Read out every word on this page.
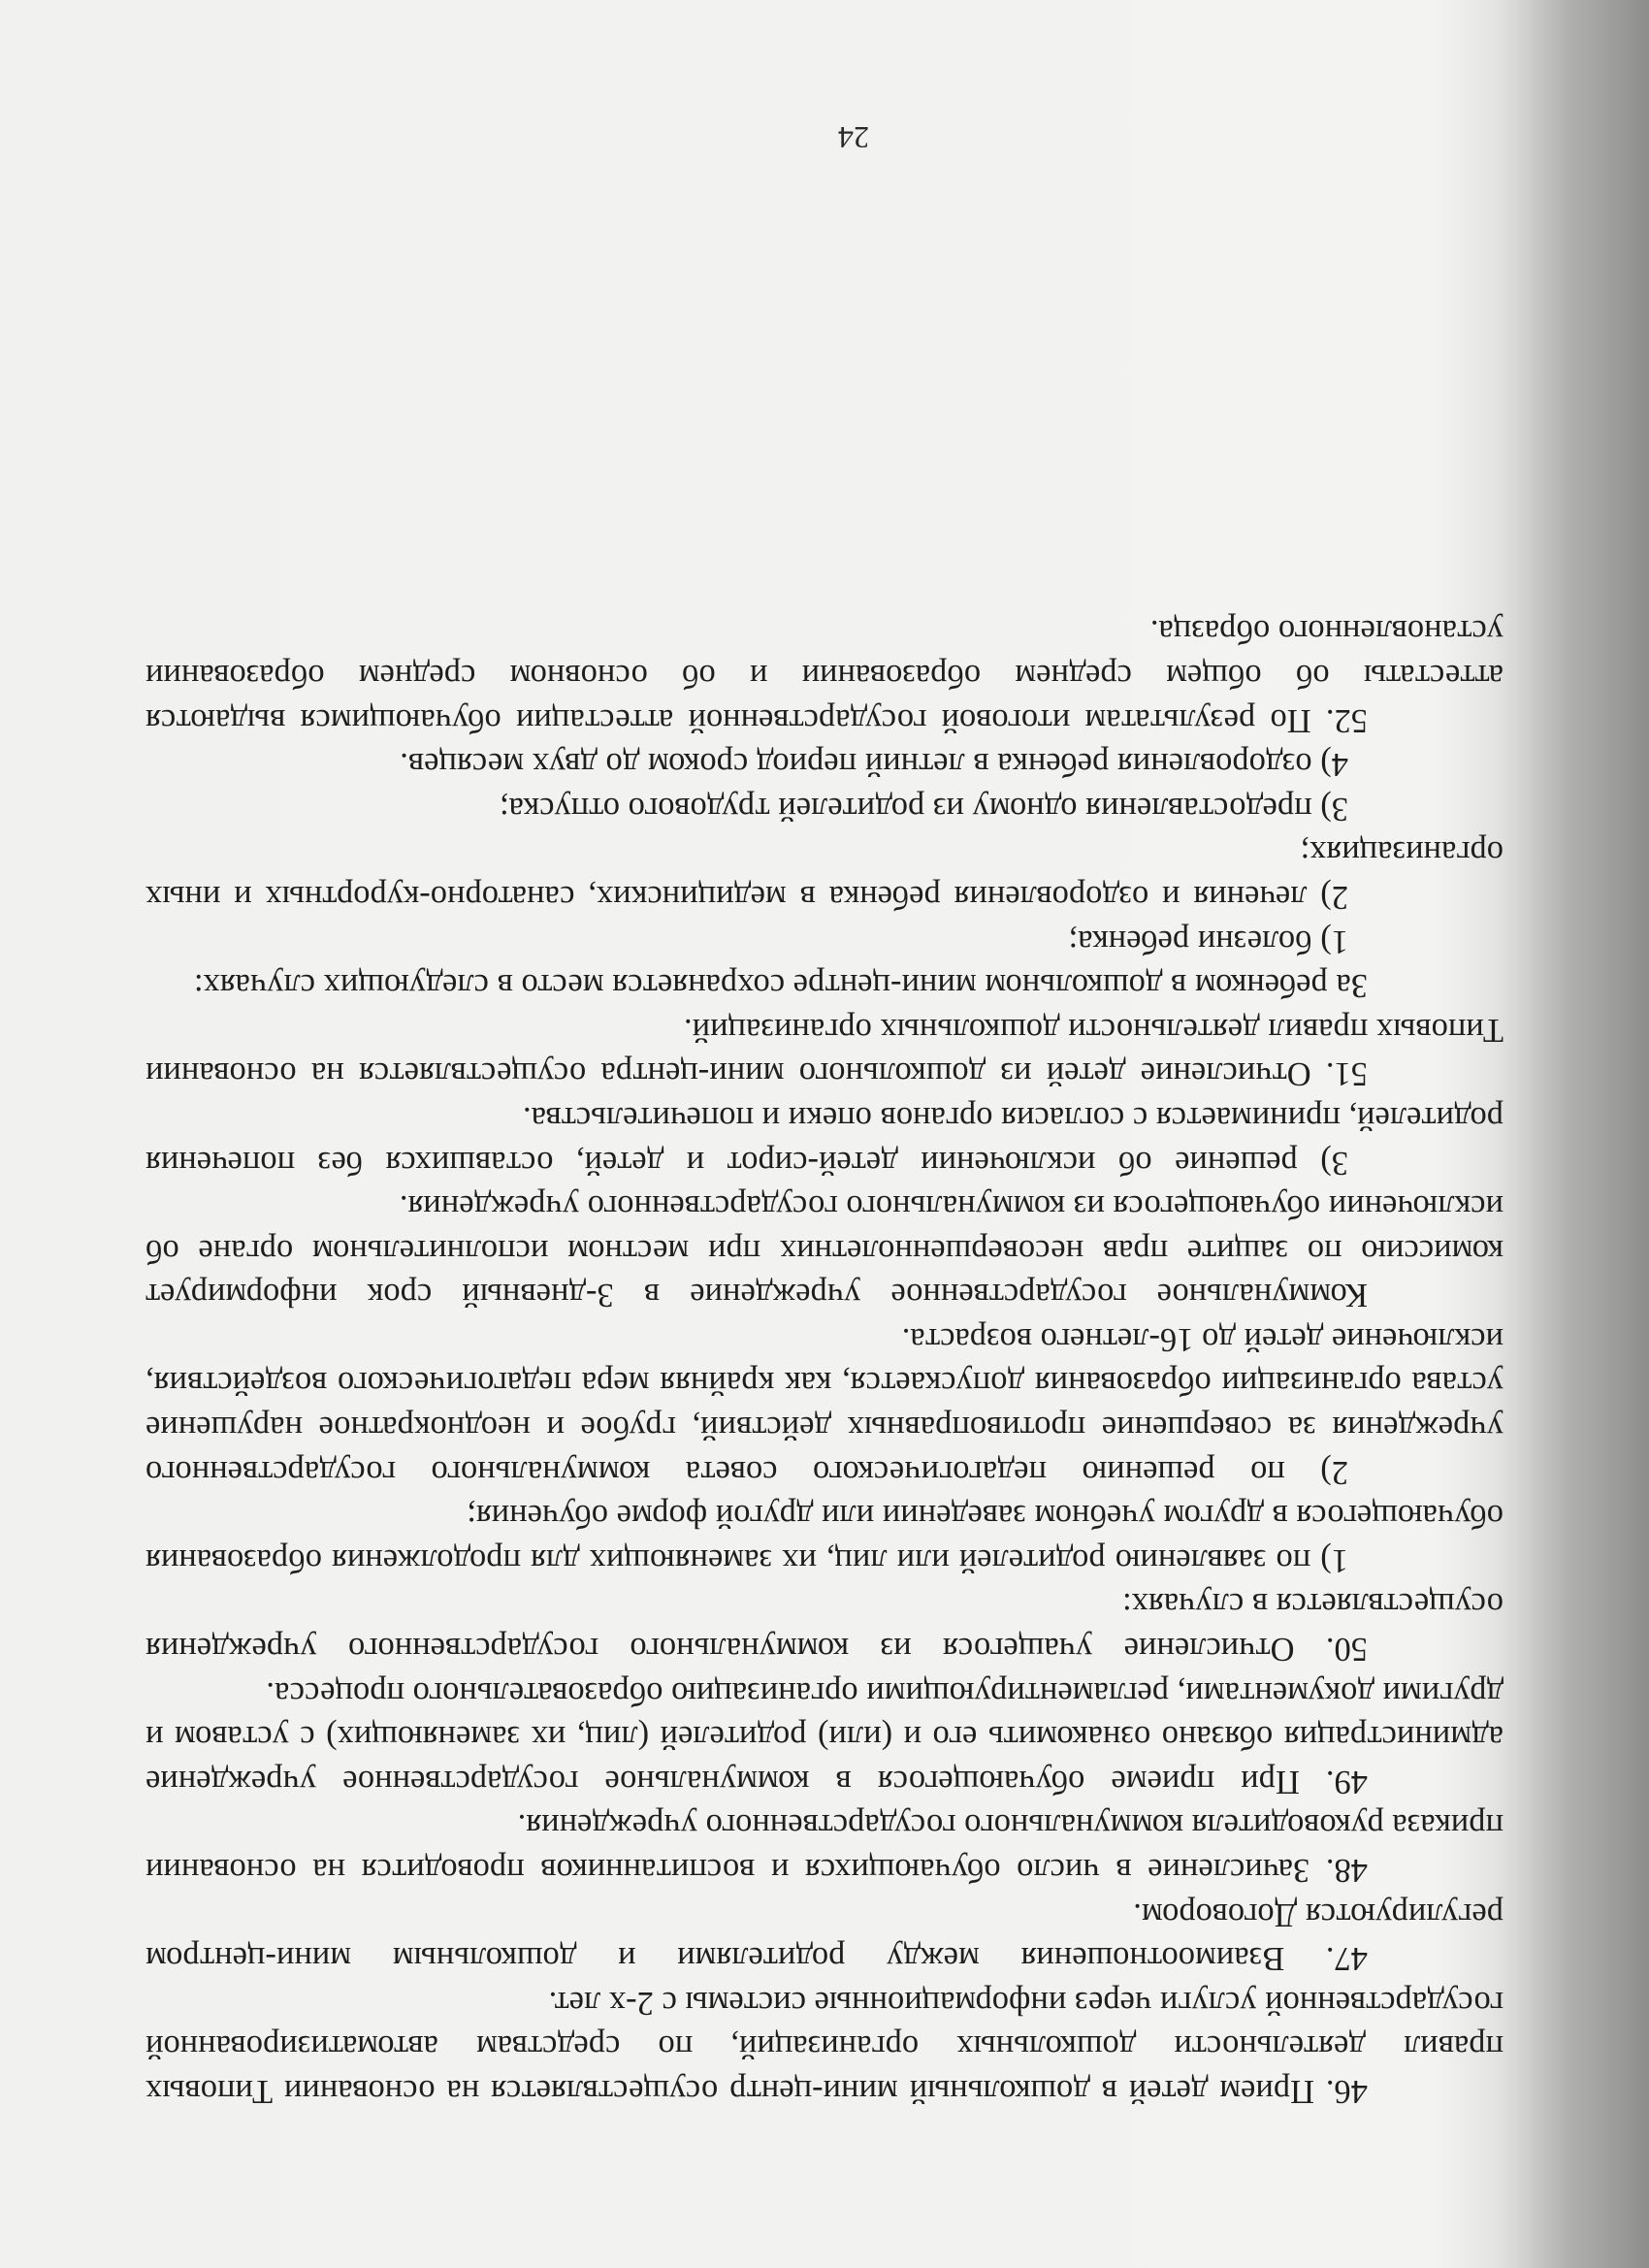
46. Прием детей в дошкольный мини-центр осуществляется на основании Типовых правил деятельности дошкольных организаций, по средствам автоматизированной государственной услуги через информационные системы с 2-х лет.

47. Взаимоотношения между родителями и дошкольным мини-центром регулируются Договором.

48. Зачисление в число обучающихся и воспитанников проводится на основании приказа руководителя коммунального государственного учреждения.

49. При приеме обучающегося в коммунальное государственное учреждение администрация обязано ознакомить его и (или) родителей (лиц, их заменяющих) с уставом и другими документами, регламентирующими организацию образовательного процесса.

50. Отчисление учащегося из коммунального государственного учреждения осуществляется в случаях:

1) по заявлению родителей или лиц, их заменяющих для продолжения образования обучающегося в другом учебном заведении или другой форме обучения;

2) по решению педагогического совета коммунального государственного учреждения за совершение противоправных действий, грубое и неоднократное нарушение устава организации образования допускается, как крайняя мера педагогического воздействия, исключение детей до 16-летнего возраста.

Коммунальное государственное учреждение в 3-дневный срок информирует комиссию по защите прав несовершеннолетних при местном исполнительном органе об исключении обучающегося из коммунального государственного учреждения.

3) решение об исключении детей-сирот и детей, оставшихся без попечения родителей, принимается с согласия органов опеки и попечительства.

51. Отчисление детей из дошкольного мини-центра осуществляется на основании Типовых правил деятельности дошкольных организаций.

За ребенком в дошкольном мини-центре сохраняется место в следующих случаях:

1) болезни ребенка;

2) лечения и оздоровления ребенка в медицинских, санаторно-курортных и иных организациях;

3) предоставления одному из родителей трудового отпуска;

4) оздоровления ребенка в летний период сроком до двух месяцев.

52. По результатам итоговой государственной аттестации обучающимся выдаются аттестаты об общем среднем образовании и об основном среднем образовании установленного образца.

24
